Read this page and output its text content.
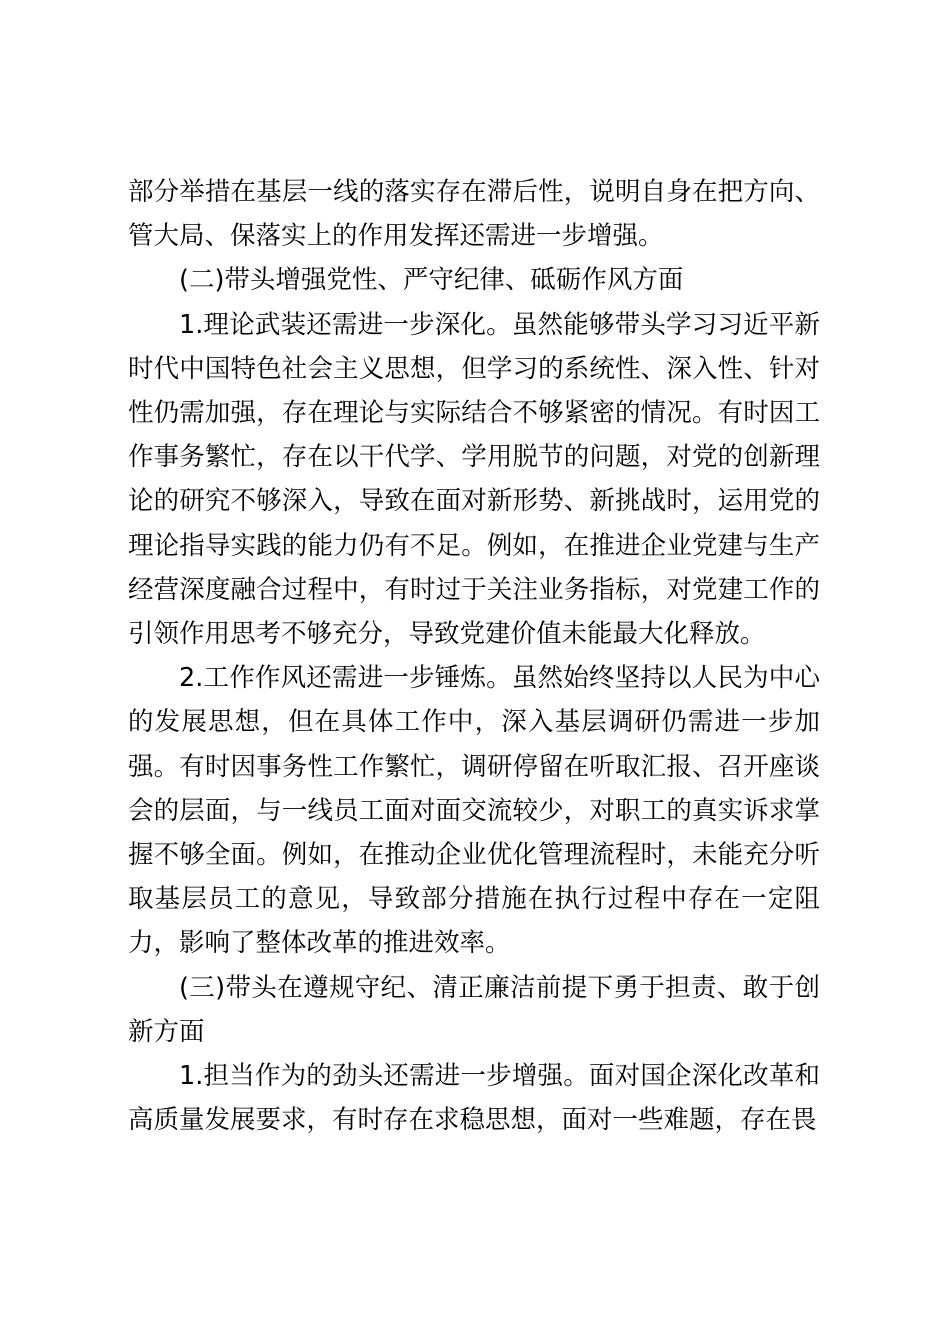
部分举措在基层一线的落实存在滞后性，说明自身在把方向、管大局、保落实上的作用发挥还需进一步增强。

(二)带头增强党性、严守纪律、砥砺作风方面

1.理论武装还需进一步深化。虽然能够带头学习习近平新时代中国特色社会主义思想，但学习的系统性、深入性、针对性仍需加强，存在理论与实际结合不够紧密的情况。有时因工作事务繁忙，存在以干代学、学用脱节的问题，对党的创新理论的研究不够深入，导致在面对新形势、新挑战时，运用党的理论指导实践的能力仍有不足。例如，在推进企业党建与生产经营深度融合过程中，有时过于关注业务指标，对党建工作的引领作用思考不够充分，导致党建价值未能最大化释放。

2.工作作风还需进一步锤炼。虽然始终坚持以人民为中心的发展思想，但在具体工作中，深入基层调研仍需进一步加强。有时因事务性工作繁忙，调研停留在听取汇报、召开座谈会的层面，与一线员工面对面交流较少，对职工的真实诉求掌握不够全面。例如，在推动企业优化管理流程时，未能充分听取基层员工的意见，导致部分措施在执行过程中存在一定阻力，影响了整体改革的推进效率。

(三)带头在遵规守纪、清正廉洁前提下勇于担责、敢于创新方面

1.担当作为的劲头还需进一步增强。面对国企深化改革和高质量发展要求，有时存在求稳思想，面对一些难题，存在畏
